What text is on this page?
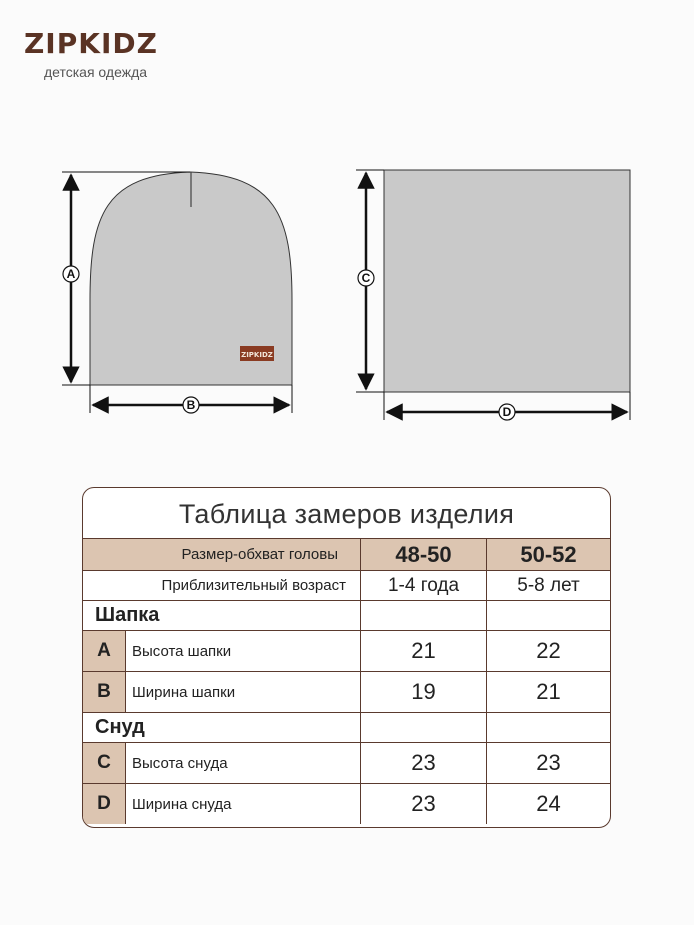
ZIPKIDZ
детская одежда
ZIPKIDZ
A
B
C
D
Таблица замеров изделия
Размер-обхват головы	48-50	50-52
Приблизительный возраст	1-4 года	5-8 лет
Шапка
A	Высота шапки	21	22
B	Ширина шапки	19	21
Снуд
C	Высота снуда	23	23
D	Ширина снуда	23	24
